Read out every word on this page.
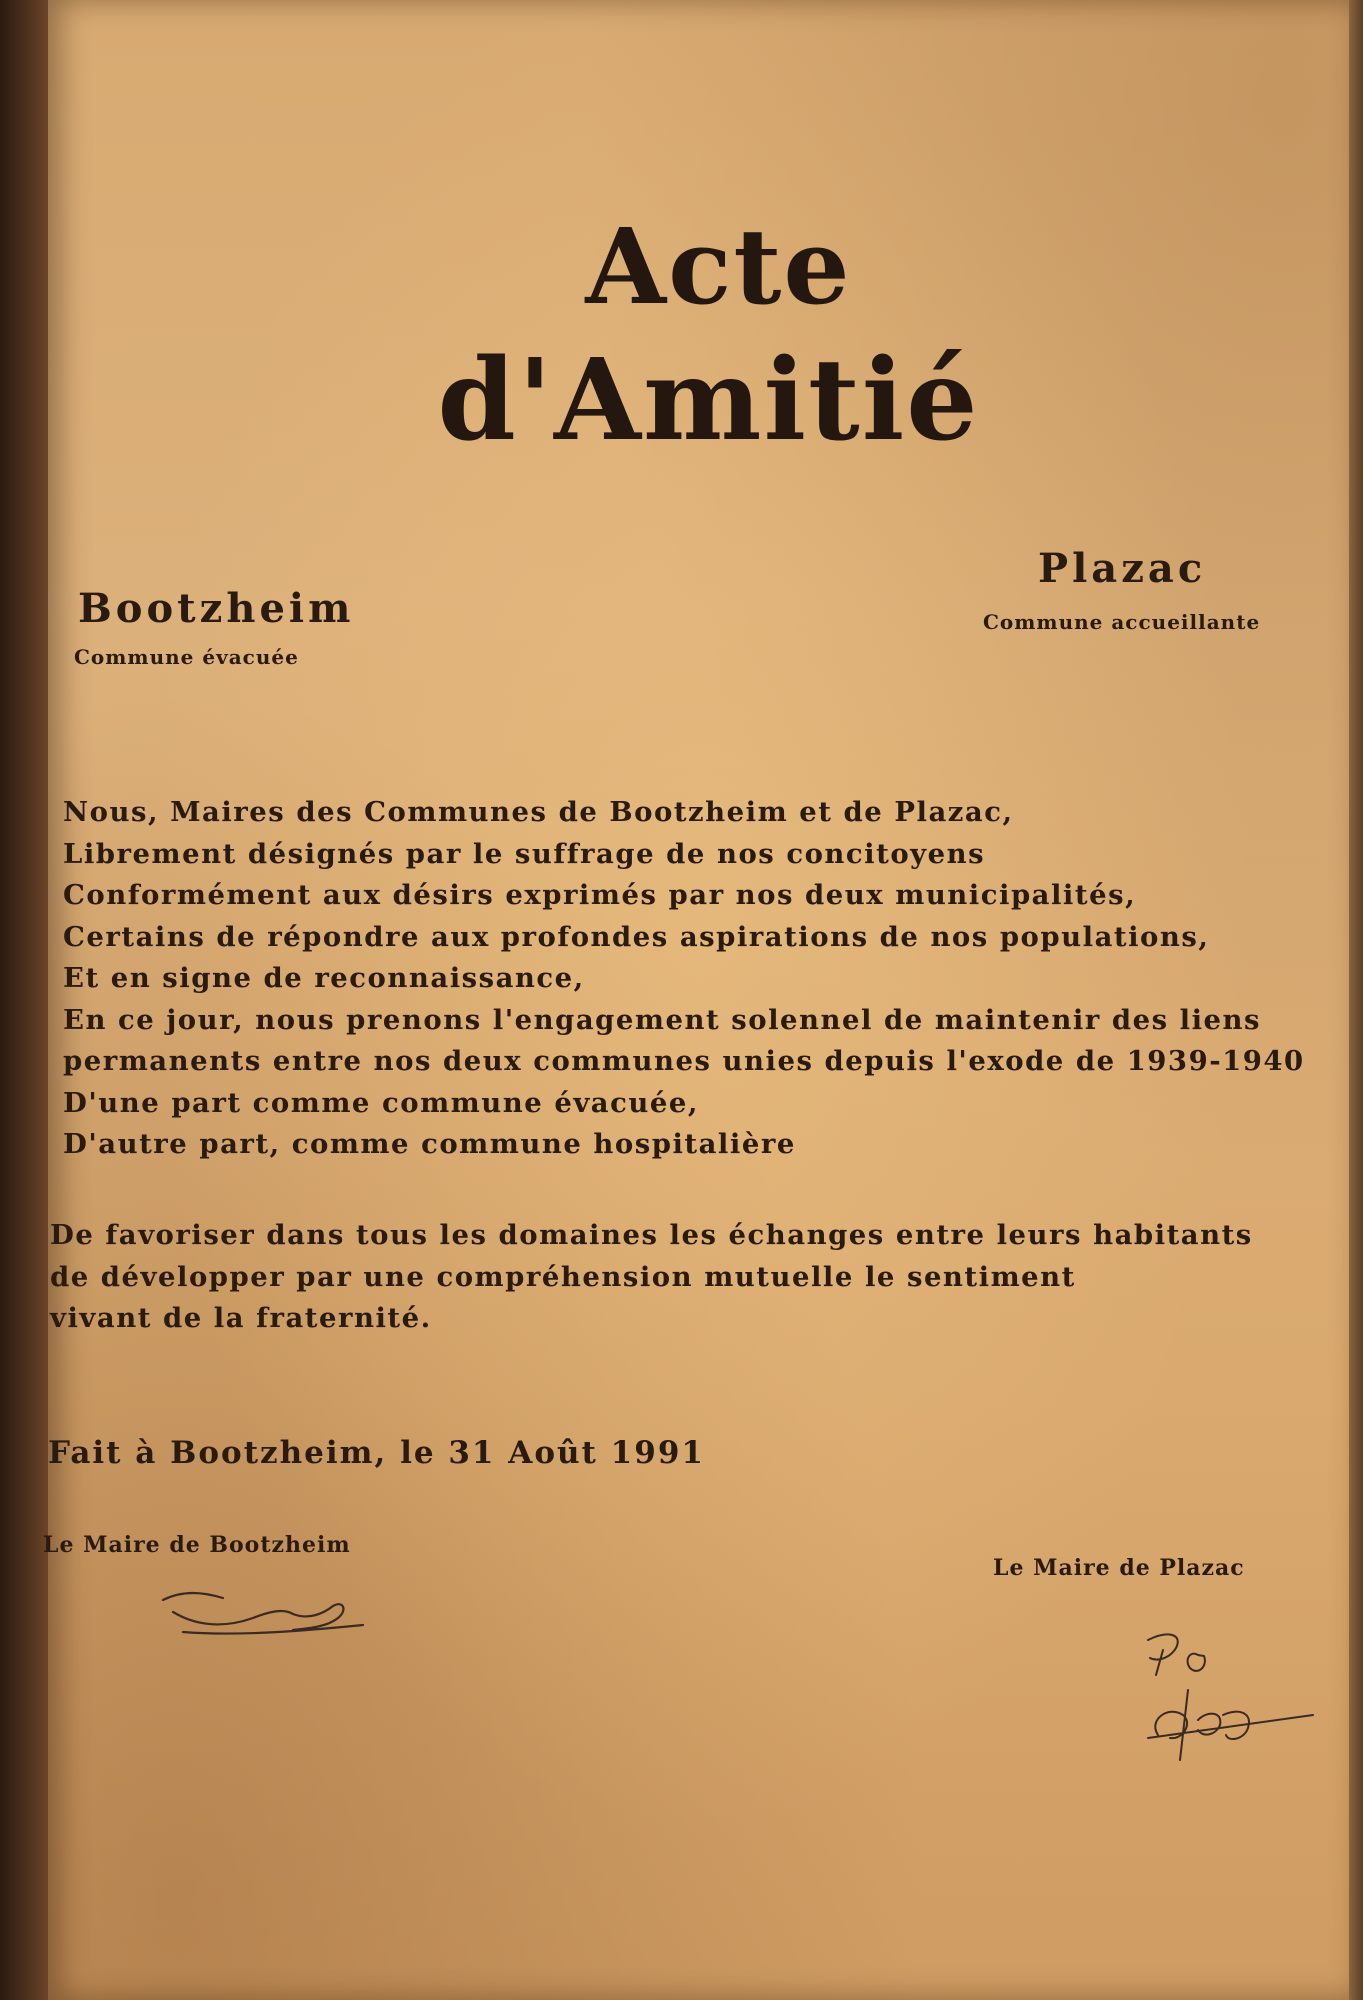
Acte
d'Amitié
Bootzheim
Commune évacuée
Plazac
Commune accueillante
Nous, Maires des Communes de Bootzheim et de Plazac,
Librement désignés par le suffrage de nos concitoyens
Conformément aux désirs exprimés par nos deux municipalités,
Certains de répondre aux profondes aspirations de nos populations,
Et en signe de reconnaissance,
En ce jour, nous prenons l'engagement solennel de maintenir des liens
permanents entre nos deux communes unies depuis l'exode de 1939-1940
D'une part comme commune évacuée,
D'autre part, comme commune hospitalière
De favoriser dans tous les domaines les échanges entre leurs habitants
de développer par une compréhension mutuelle le sentiment
vivant de la fraternité.
Fait à Bootzheim, le 31 Août 1991
Le Maire de Bootzheim
Le Maire de Plazac
